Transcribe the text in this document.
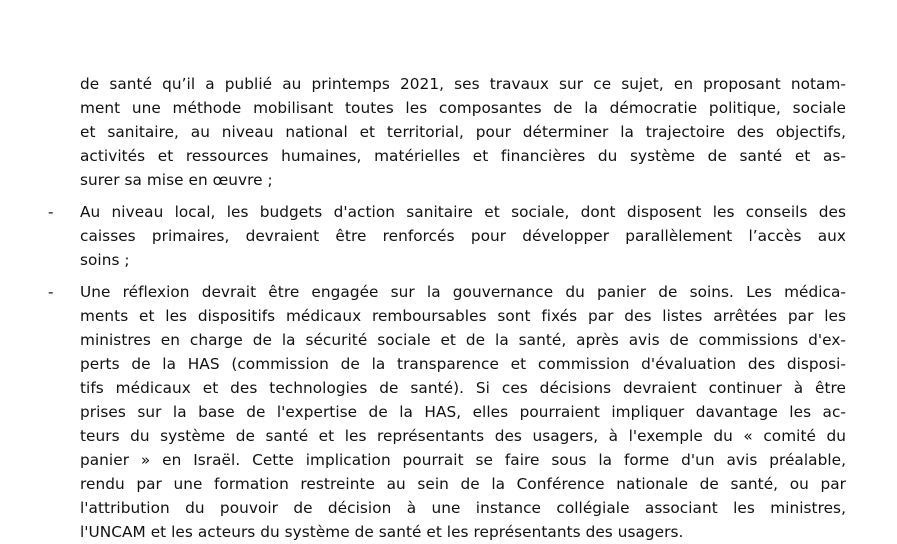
de santé qu’il a publié au printemps 2021, ses travaux sur ce sujet, en proposant notam-
ment une méthode mobilisant toutes les composantes de la démocratie politique, sociale
et sanitaire, au niveau national et territorial, pour déterminer la trajectoire des objectifs,
activités et ressources humaines, matérielles et financières du système de santé et as-
surer sa mise en œuvre ;
- Au niveau local, les budgets d'action sanitaire et sociale, dont disposent les conseils des
caisses primaires, devraient être renforcés pour développer parallèlement l’accès aux
soins ;
- Une réflexion devrait être engagée sur la gouvernance du panier de soins. Les médica-
ments et les dispositifs médicaux remboursables sont fixés par des listes arrêtées par les
ministres en charge de la sécurité sociale et de la santé, après avis de commissions d'ex-
perts de la HAS (commission de la transparence et commission d'évaluation des disposi-
tifs médicaux et des technologies de santé). Si ces décisions devraient continuer à être
prises sur la base de l'expertise de la HAS, elles pourraient impliquer davantage les ac-
teurs du système de santé et les représentants des usagers, à l'exemple du « comité du
panier » en Israël. Cette implication pourrait se faire sous la forme d'un avis préalable,
rendu par une formation restreinte au sein de la Conférence nationale de santé, ou par
l'attribution du pouvoir de décision à une instance collégiale associant les ministres,
l'UNCAM et les acteurs du système de santé et les représentants des usagers.
